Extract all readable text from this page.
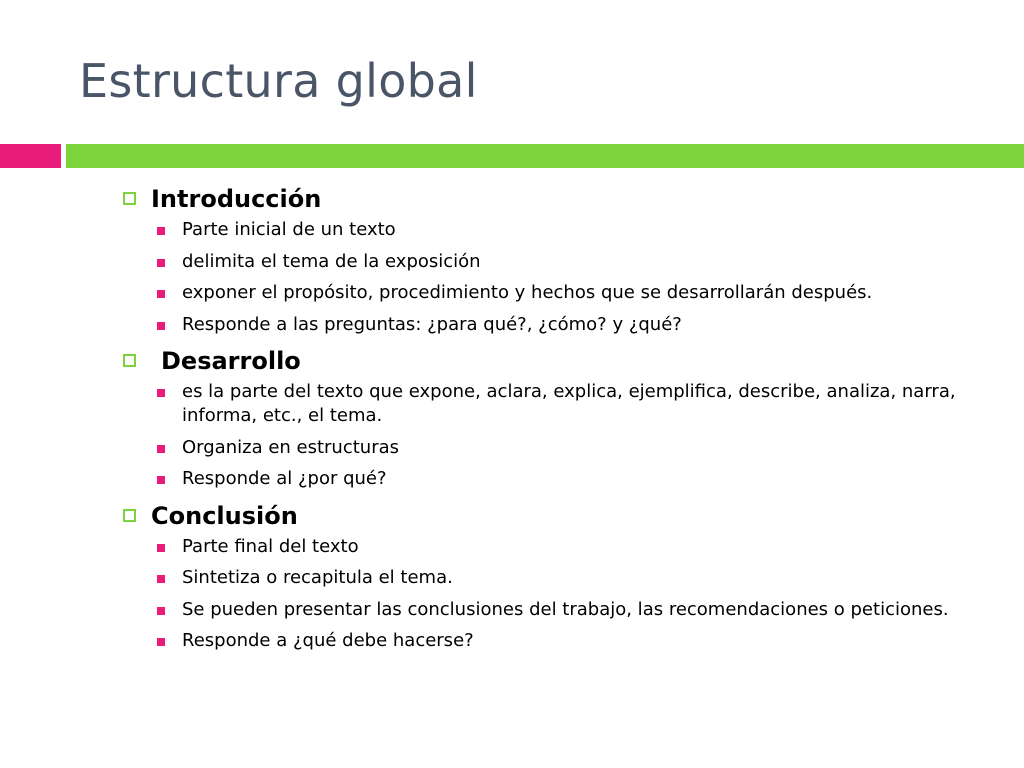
Estructura global
Introducción
Parte inicial de un texto
delimita el tema de la exposición
exponer el propósito, procedimiento y hechos que se desarrollarán después.
Responde a las preguntas: ¿para qué?, ¿cómo? y ¿qué?
Desarrollo
es la parte del texto que expone, aclara, explica, ejemplifica, describe, analiza, narra, informa, etc., el tema.
Organiza en estructuras
Responde al ¿por qué?
Conclusión
Parte final del texto
Sintetiza o recapitula el tema.
Se pueden presentar las conclusiones del trabajo, las recomendaciones o peticiones.
Responde a ¿qué debe hacerse?
